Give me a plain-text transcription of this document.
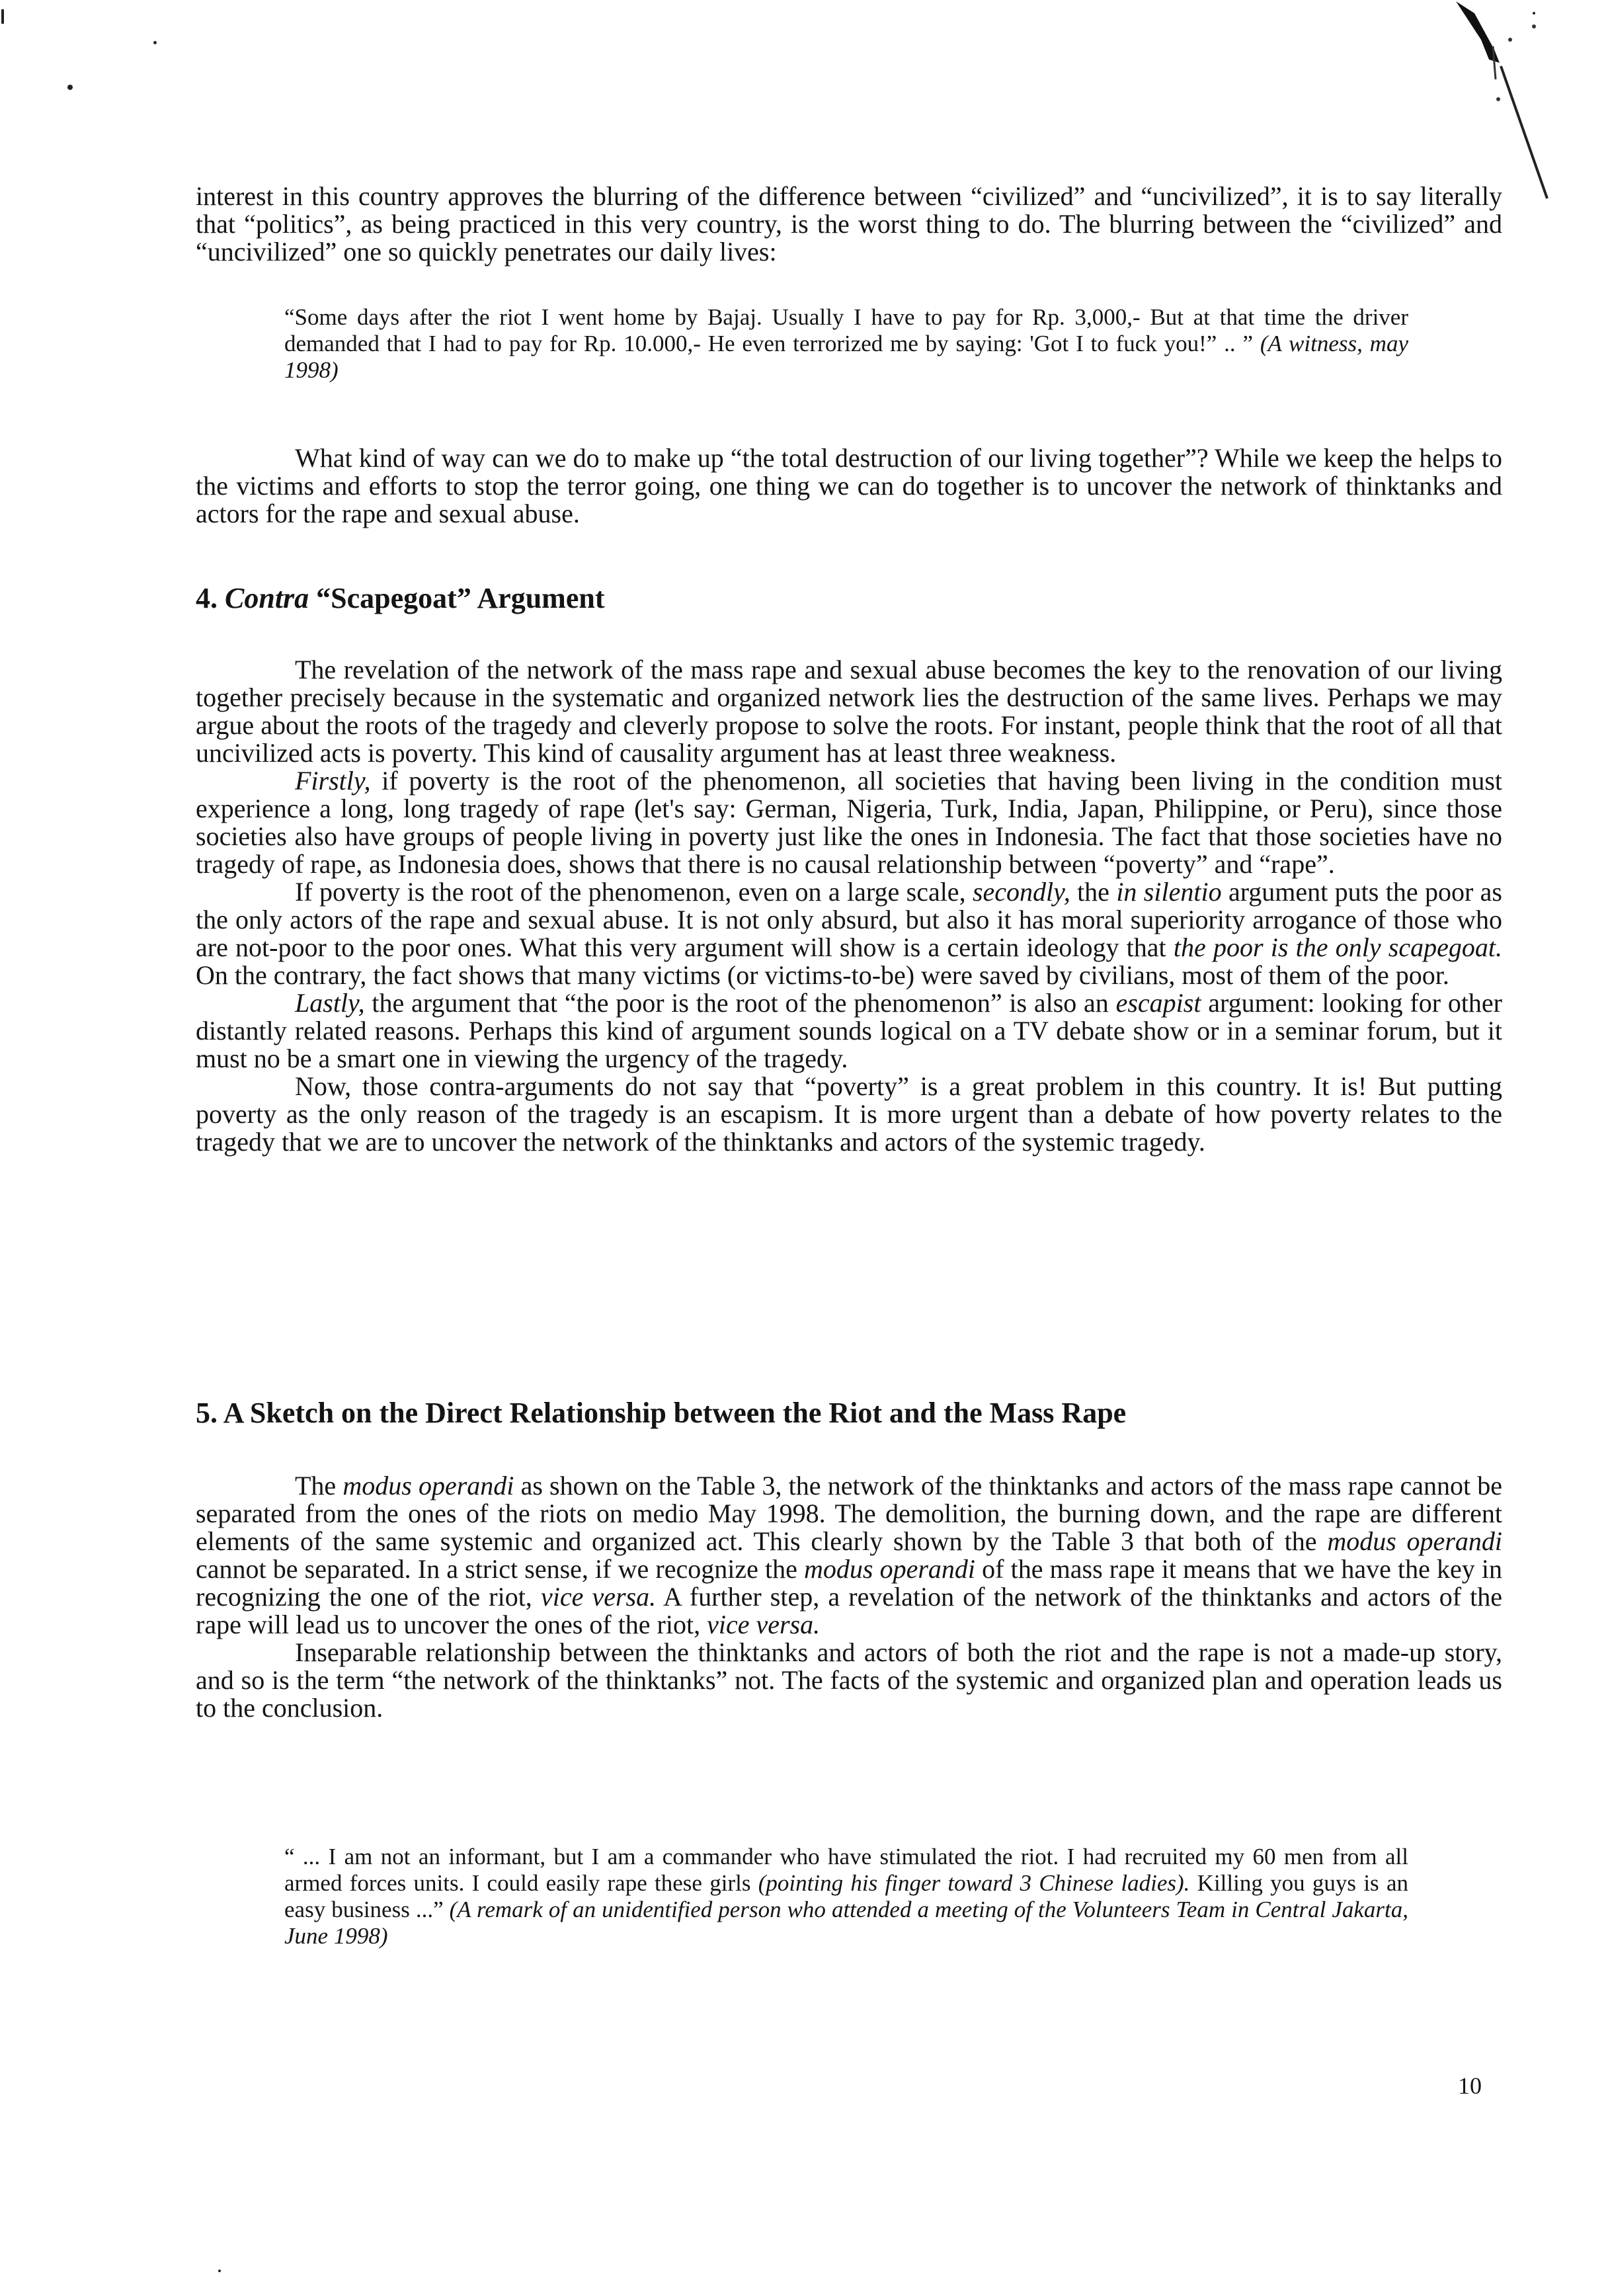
interest in this country approves the blurring of the difference between “civilized” and “uncivilized”, it is to say literally that “politics”, as being practiced in this very country, is the worst thing to do. The blurring between the “civilized” and “uncivilized” one so quickly penetrates our daily lives:

“Some days after the riot I went home by Bajaj. Usually I have to pay for Rp. 3,000,- But at that time the driver demanded that I had to pay for Rp. 10.000,- He even terrorized me by saying: 'Got I to fuck you!” .. ” (A witness, may 1998)

What kind of way can we do to make up “the total destruction of our living together”? While we keep the helps to the victims and efforts to stop the terror going, one thing we can do together is to uncover the network of thinktanks and actors for the rape and sexual abuse.

4. Contra “Scapegoat” Argument

The revelation of the network of the mass rape and sexual abuse becomes the key to the renovation of our living together precisely because in the systematic and organized network lies the destruction of the same lives. Perhaps we may argue about the roots of the tragedy and cleverly propose to solve the roots. For instant, people think that the root of all that uncivilized acts is poverty. This kind of causality argument has at least three weakness.

Firstly, if poverty is the root of the phenomenon, all societies that having been living in the condition must experience a long, long tragedy of rape (let's say: German, Nigeria, Turk, India, Japan, Philippine, or Peru), since those societies also have groups of people living in poverty just like the ones in Indonesia. The fact that those societies have no tragedy of rape, as Indonesia does, shows that there is no causal relationship between “poverty” and “rape”.

If poverty is the root of the phenomenon, even on a large scale, secondly, the in silentio argument puts the poor as the only actors of the rape and sexual abuse. It is not only absurd, but also it has moral superiority arrogance of those who are not-poor to the poor ones. What this very argument will show is a certain ideology that the poor is the only scapegoat. On the contrary, the fact shows that many victims (or victims-to-be) were saved by civilians, most of them of the poor.

Lastly, the argument that “the poor is the root of the phenomenon” is also an escapist argument: looking for other distantly related reasons. Perhaps this kind of argument sounds logical on a TV debate show or in a seminar forum, but it must no be a smart one in viewing the urgency of the tragedy.

Now, those contra-arguments do not say that “poverty” is a great problem in this country. It is! But putting poverty as the only reason of the tragedy is an escapism. It is more urgent than a debate of how poverty relates to the tragedy that we are to uncover the network of the thinktanks and actors of the systemic tragedy.

5. A Sketch on the Direct Relationship between the Riot and the Mass Rape

The modus operandi as shown on the Table 3, the network of the thinktanks and actors of the mass rape cannot be separated from the ones of the riots on medio May 1998. The demolition, the burning down, and the rape are different elements of the same systemic and organized act. This clearly shown by the Table 3 that both of the modus operandi cannot be separated. In a strict sense, if we recognize the modus operandi of the mass rape it means that we have the key in recognizing the one of the riot, vice versa. A further step, a revelation of the network of the thinktanks and actors of the rape will lead us to uncover the ones of the riot, vice versa.

Inseparable relationship between the thinktanks and actors of both the riot and the rape is not a made-up story, and so is the term “the network of the thinktanks” not. The facts of the systemic and organized plan and operation leads us to the conclusion.

“ ... I am not an informant, but I am a commander who have stimulated the riot. I had recruited my 60 men from all armed forces units. I could easily rape these girls (pointing his finger toward 3 Chinese ladies). Killing you guys is an easy business ...” (A remark of an unidentified person who attended a meeting of the Volunteers Team in Central Jakarta, June 1998)
10
